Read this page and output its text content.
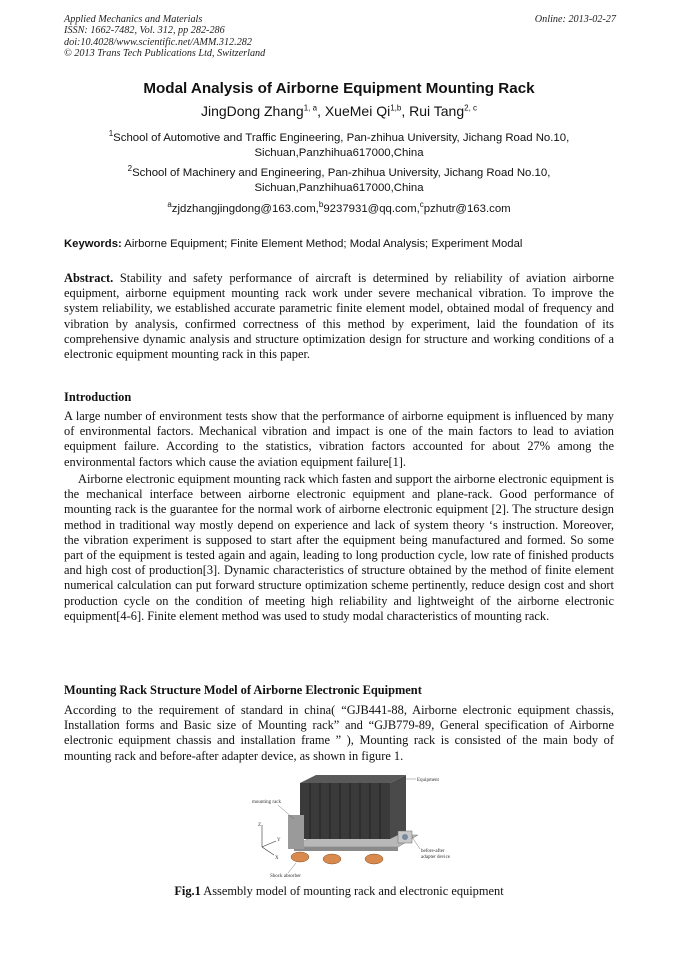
Applied Mechanics and Materials
ISSN: 1662-7482, Vol. 312, pp 282-286
doi:10.4028/www.scientific.net/AMM.312.282
© 2013 Trans Tech Publications Ltd, Switzerland
Online: 2013-02-27
Modal Analysis of Airborne Equipment Mounting Rack
JingDong Zhang$^{1, a}$, XueMei Qi$^{1,b}$, Rui Tang$^{2, c}$
$^1$School of Automotive and Traffic Engineering, Pan-zhihua University, Jichang Road No.10, Sichuan,Panzhihua617000,China
$^2$School of Machinery and Engineering, Pan-zhihua University, Jichang Road No.10, Sichuan,Panzhihua617000,China
$^a$zjdzhangjingdong@163.com,$^b$9237931@qq.com,$^c$pzhutr@163.com
Keywords: Airborne Equipment; Finite Element Method; Modal Analysis; Experiment Modal
Abstract. Stability and safety performance of aircraft is determined by reliability of aviation airborne equipment, airborne equipment mounting rack work under severe mechanical vibration. To improve the system reliability, we established accurate parametric finite element model, obtained modal of frequency and vibration by analysis, confirmed correctness of this method by experiment, laid the foundation of its comprehensive dynamic analysis and structure optimization design for structure and working conditions of a electronic equipment mounting rack in this paper.
Introduction
A large number of environment tests show that the performance of airborne equipment is influenced by many of environmental factors. Mechanical vibration and impact is one of the main factors to lead to aviation equipment failure. According to the statistics, vibration factors accounted for about 27% among the environmental factors which cause the aviation equipment failure[1].
Airborne electronic equipment mounting rack which fasten and support the airborne electronic equipment is the mechanical interface between airborne electronic equipment and plane-rack. Good performance of mounting rack is the guarantee for the normal work of airborne electronic equipment [2]. The structure design method in traditional way mostly depend on experience and lack of system theory ‘s instruction. Moreover, the vibration experiment is supposed to start after the equipment being manufactured and formed. So some part of the equipment is tested again and again, leading to long production cycle, low rate of finished products and high cost of production[3]. Dynamic characteristics of structure obtained by the method of finite element numerical calculation can put forward structure optimization scheme pertinently, reduce design cost and short production cycle on the condition of meeting high reliability and lightweight of the airborne electronic equipment[4-6]. Finite element method was used to study modal characteristics of mounting rack.
Mounting Rack Structure Model of Airborne Electronic Equipment
According to the requirement of standard in china( “GJB441-88, Airborne electronic equipment chassis, Installation forms and Basic size of Mounting rack” and “GJB779-89, General specification of Airborne electronic equipment chassis and installation frame ” ), Mounting rack is consisted of the main body of mounting rack and before-after adapter device, as shown in figure 1.
Z
Y
X
Equipment
mounting rack
before-after
adapter device
Shock absorber
Fig.1 Assembly model of mounting rack and electronic equipment
